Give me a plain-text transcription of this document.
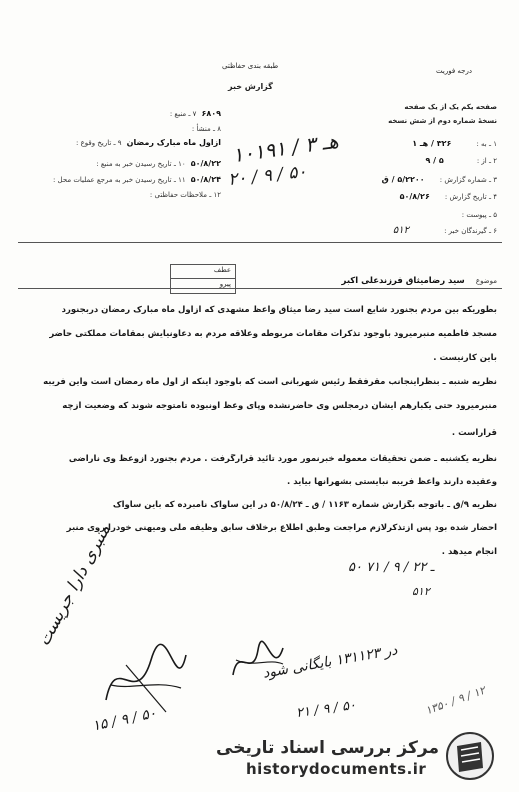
طبقه بندی حفاظتی
درجه فوریت
گزارش خبر
۶۸۰۹ ۷ ـ منبع :
۸ ـ منشأ :
ازاول ماه مبارک رمضان ۹ ـ تاریخ وقوع :
۵۰/۸/۲۲ ۱۰ ـ تاریخ رسیدن خبر به منبع :
۵۰/۸/۲۴ ۱۱ ـ تاریخ رسیدن خبر به مرجع عملیات محل :
۱۲ ـ ملاحظات حفاظتی :
صفحه یکم یک از یک صفحه
نسخهٔ شماره دوم از شش نسخه
۱ ـ به : ۳۲۶ / هـ ۱
۲ ـ از : ۵ / ۹
۳ ـ شماره گزارش : ۵/۲۲۰۰ / ق
۴ ـ تاریخ گزارش : ۵۰/۸/۲۶
۵ ـ پیوست :
۶ ـ گیرندگان خبر : ۵۱۲
۱۰۱۹۱ / هـ ۳
۲۰ / ۹ / ۵۰
عطف
پیرو	موضوع سید رضامیثاق فرزندعلی اکبر
بطوریکه بین مردم بجنورد شایع است سید رضا میثاق واعظ مشهدی که ازاول ماه مبارک رمضان دربجنورد
مسجد فاطمیه منبرمیرود باوجود تذکرات مقامات مربوطه وعلاقه مردم به دعاونیایش بمقامات مملکتی حاضر
باین کارنیست .
نظریه شنبه ـ بنظراینجانب مقرفقط رئیس شهربانی است که باوجود اینکه از اول ماه رمضان است واین فریبه
منبرمیرود حتی یکبارهم ایشان درمجلس وی حاضرنشده وپای وعظ اونبوده تامتوجه شوند که وضعیت ازچه
قراراست .
نظریه یکشنبه ـ ضمن تحقیقات معموله خبرنمور مورد تائید قرارگرفت . مردم بجنورد ازوعظ وی ناراضی
وعقیده دارند واعظ فریبه نبایستی بشهرآنها بیاید .
نظریه ۹/ق ـ باتوجه بگزارش شماره ۱۱۶۳ / ق ـ ۵۰/۸/۲۴ در این ساواک نامبرده که باین ساواک
احضار شده بود پس ازتذکرلازم مراجعت وطبق اطلاع برخلاف سابق وظیفه ملی ومیهنی خودرا روی منبر
انجام میدهد .
۵۰ ـ ۲۲ / ۹ / ۷۱
۵۱۲
منبری دارا جریست
۱۵ / ۹ / ۵۰
در ۱۳۱۱۲۳ بایگانی شود
۲۱ / ۹ / ۵۰	۱۳۵۰ / ۹ / ۱۲
مرکز بررسی اسناد تاریخی
historydocuments.ir
